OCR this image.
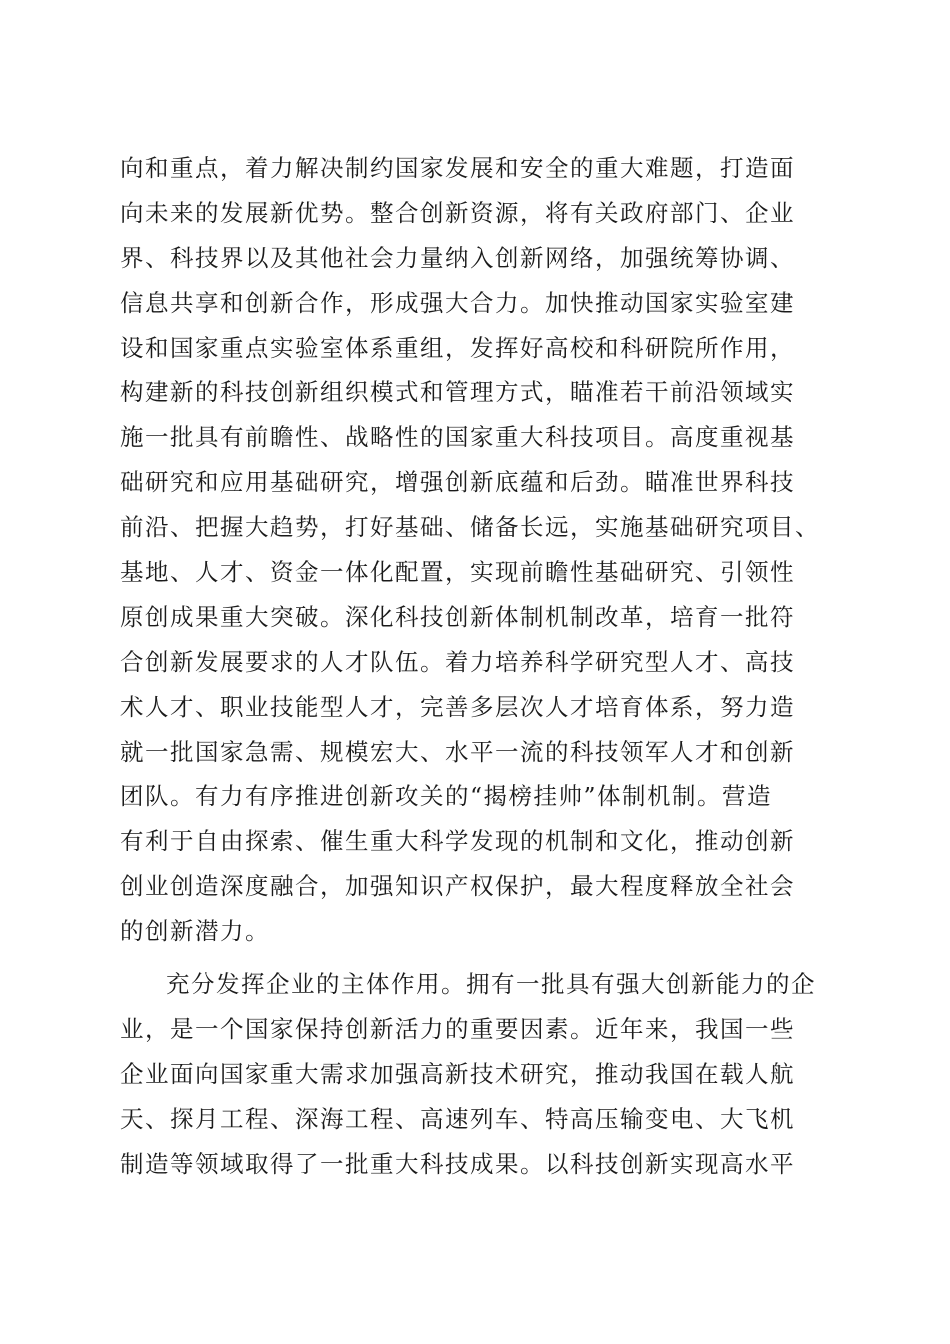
向和重点，着力解决制约国家发展和安全的重大难题，打造面
向未来的发展新优势。整合创新资源，将有关政府部门、企业
界、科技界以及其他社会力量纳入创新网络，加强统筹协调、
信息共享和创新合作，形成强大合力。加快推动国家实验室建
设和国家重点实验室体系重组，发挥好高校和科研院所作用，
构建新的科技创新组织模式和管理方式，瞄准若干前沿领域实
施一批具有前瞻性、战略性的国家重大科技项目。高度重视基
础研究和应用基础研究，增强创新底蕴和后劲。瞄准世界科技
前沿、把握大趋势，打好基础、储备长远，实施基础研究项目、
基地、人才、资金一体化配置，实现前瞻性基础研究、引领性
原创成果重大突破。深化科技创新体制机制改革，培育一批符
合创新发展要求的人才队伍。着力培养科学研究型人才、高技
术人才、职业技能型人才，完善多层次人才培育体系，努力造
就一批国家急需、规模宏大、水平一流的科技领军人才和创新
团队。有力有序推进创新攻关的“揭榜挂帅”体制机制。营造
有利于自由探索、催生重大科学发现的机制和文化，推动创新
创业创造深度融合，加强知识产权保护，最大程度释放全社会
的创新潜力。
充分发挥企业的主体作用。拥有一批具有强大创新能力的企
业，是一个国家保持创新活力的重要因素。近年来，我国一些
企业面向国家重大需求加强高新技术研究，推动我国在载人航
天、探月工程、深海工程、高速列车、特高压输变电、大飞机
制造等领域取得了一批重大科技成果。以科技创新实现高水平
